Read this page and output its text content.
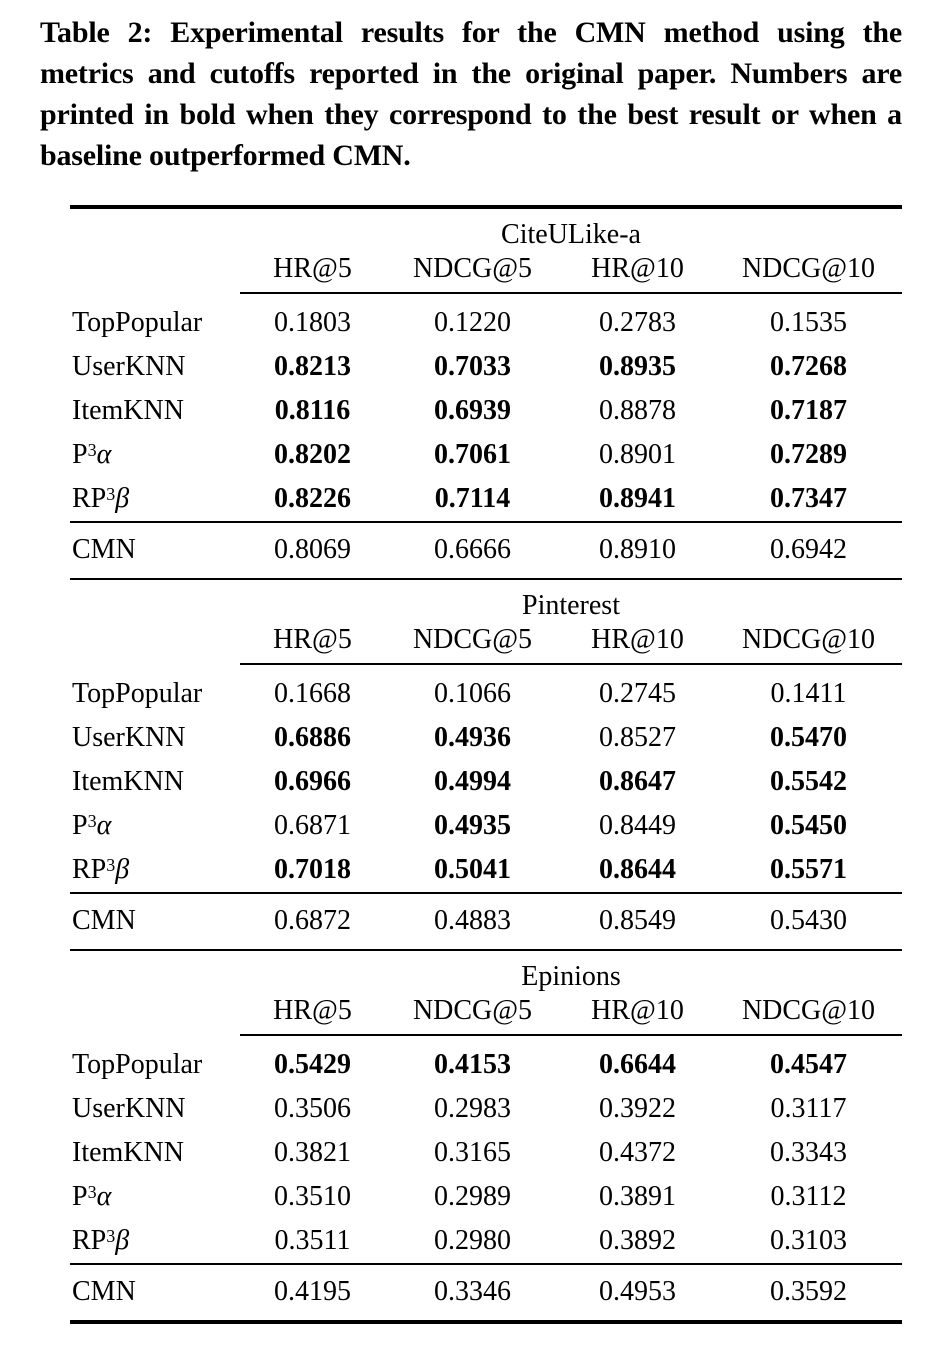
Table 2: Experimental results for the CMN method using the metrics and cutoffs reported in the original paper. Numbers are printed in bold when they correspond to the best result or when a baseline outperformed CMN.

	CiteULike-a			
	HR@5	NDCG@5	HR@10	NDCG@10
TopPopular	0.1803	0.1220	0.2783	0.1535
UserKNN	0.8213	0.7033	0.8935	0.7268
ItemKNN	0.8116	0.6939	0.8878	0.7187
$P^3\alpha$	0.8202	0.7061	0.8901	0.7289
$RP^3\beta$	0.8226	0.7114	0.8941	0.7347
CMN	0.8069	0.6666	0.8910	0.6942
	Pinterest			
	HR@5	NDCG@5	HR@10	NDCG@10
TopPopular	0.1668	0.1066	0.2745	0.1411
UserKNN	0.6886	0.4936	0.8527	0.5470
ItemKNN	0.6966	0.4994	0.8647	0.5542
$P^3\alpha$	0.6871	0.4935	0.8449	0.5450
$RP^3\beta$	0.7018	0.5041	0.8644	0.5571
CMN	0.6872	0.4883	0.8549	0.5430
	Epinions			
	HR@5	NDCG@5	HR@10	NDCG@10
TopPopular	0.5429	0.4153	0.6644	0.4547
UserKNN	0.3506	0.2983	0.3922	0.3117
ItemKNN	0.3821	0.3165	0.4372	0.3343
$P^3\alpha$	0.3510	0.2989	0.3891	0.3112
$RP^3\beta$	0.3511	0.2980	0.3892	0.3103
CMN	0.4195	0.3346	0.4953	0.3592
